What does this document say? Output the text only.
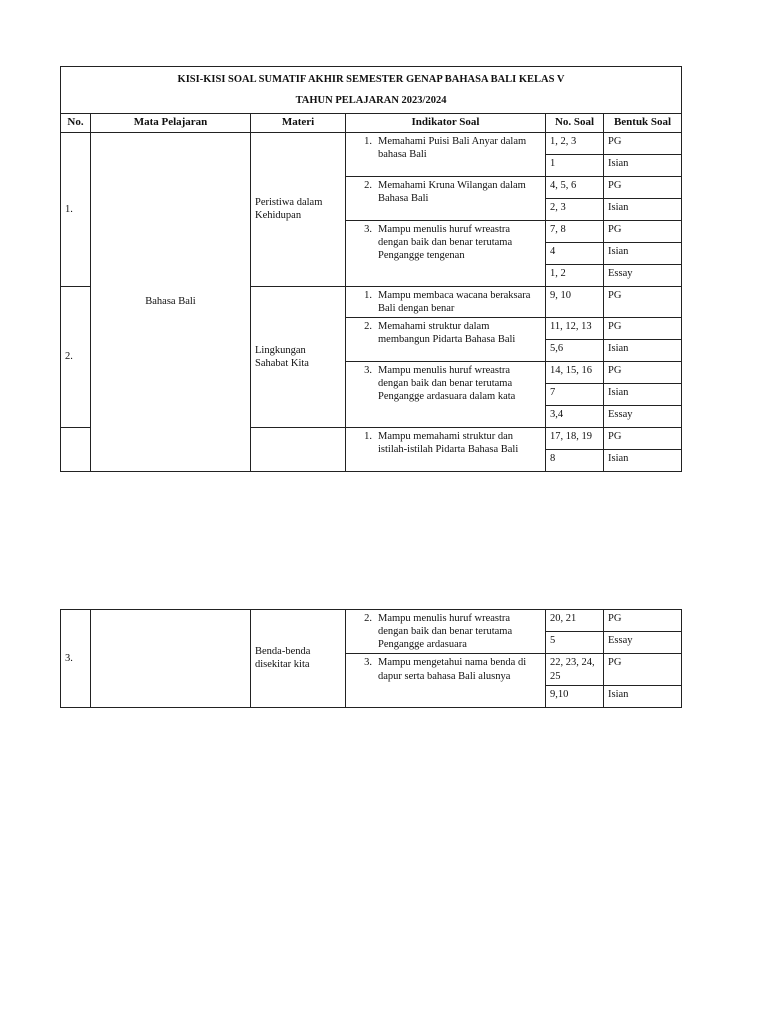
KISI-KISI SOAL SUMATIF AKHIR SEMESTER GENAP BAHASA BALI KELAS V
TAHUN PELAJARAN 2023/2024					

No.	Mata Pelajaran	Materi	Indikator Soal	No. Soal	Bentuk Soal
1.	Bahasa Bali	Peristiwa dalam Kehidupan	1. Memahami Puisi Bali Anyar dalam bahasa Bali	1, 2, 3	PG
				1	Isian

			2. Memahami Kruna Wilangan dalam Bahasa Bali	4, 5, 6	PG
				2, 3	Isian

			3. Mampu menulis huruf wreastra dengan baik dan benar terutama Pengangge tengenan	7, 8	PG
				4	Isian
				1, 2	Essay
2.		Lingkungan Sahabat Kita	1. Mampu membaca wacana beraksara Bali dengan benar	9, 10	PG

			2. Memahami struktur dalam membangun Pidarta Bahasa Bali	11, 12, 13	PG
				5,6	Isian

			3. Mampu menulis huruf wreastra dengan baik dan benar terutama Pengangge ardasuara dalam kata	14, 15, 16	PG
				7	Isian
				3,4	Essay

			1. Mampu memahami struktur dan istilah-istilah Pidarta Bahasa Bali	17, 18, 19	PG
				8	Isian
3.		Benda-benda disekitar kita	2. Mampu menulis huruf wreastra dengan baik dan benar terutama Pengangge ardasuara	20, 21	PG
				5	Essay

			3. Mampu mengetahui nama benda di dapur serta bahasa Bali alusnya	22, 23, 24, 25	PG
				9,10	Isian
